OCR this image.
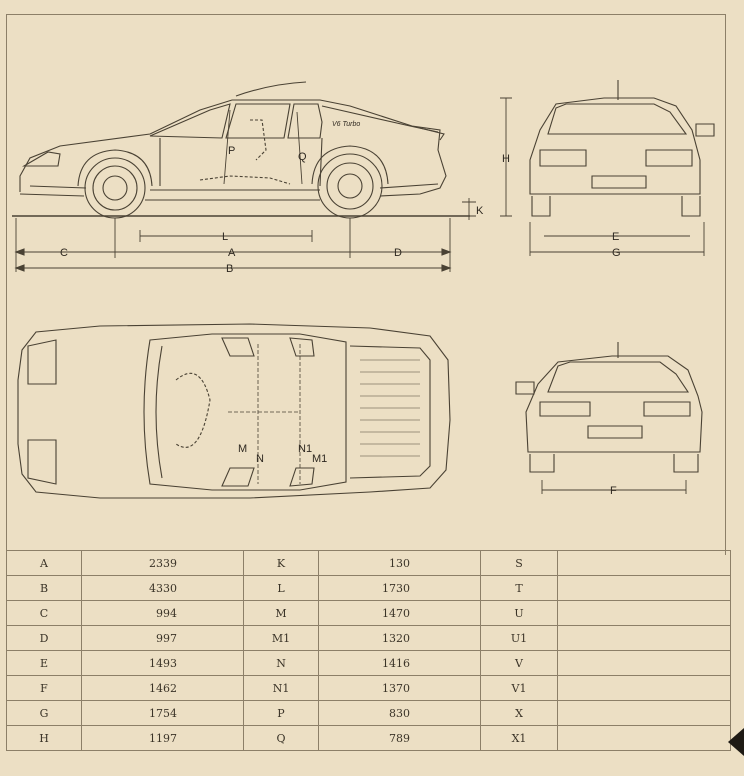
P	Q
L
A
B
C	D
K
H
E
G
M
N
N1
M1
F
V6 Turbo
A	2339	K	130	S	
B	4330	L	1730	T	
C	994	M	1470	U	
D	997	M1	1320	U1	
E	1493	N	1416	V	
F	1462	N1	1370	V1	
G	1754	P	830	X	
H	1197	Q	789	X1	
